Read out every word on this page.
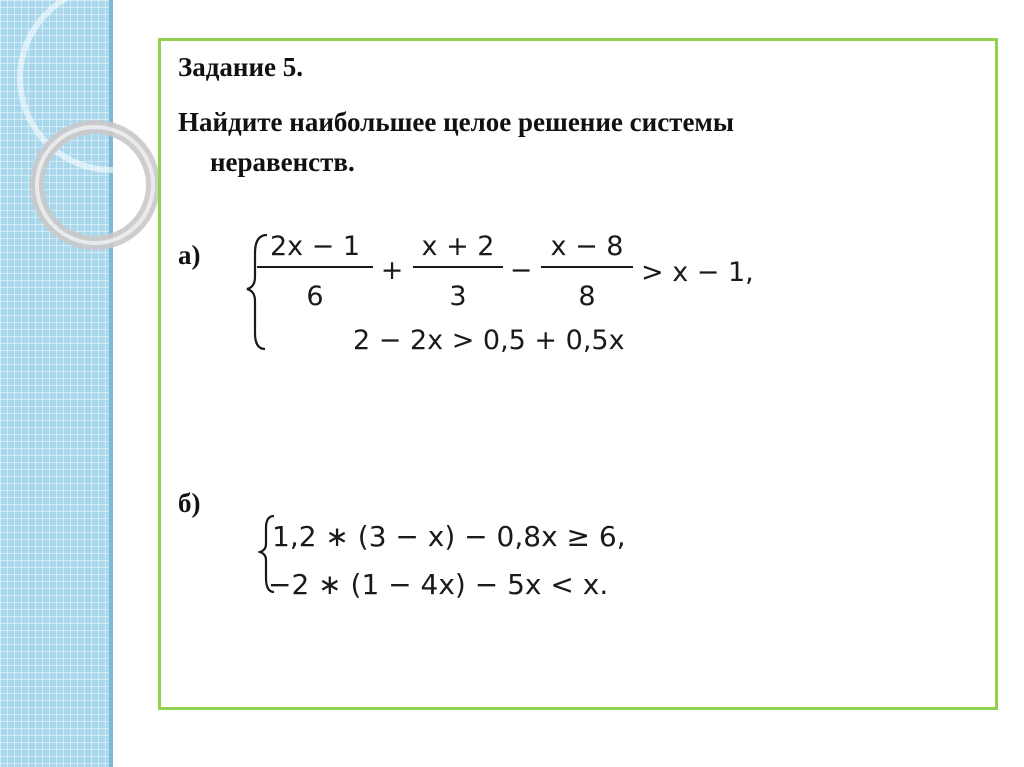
Задание 5.
Найдите наибольшее целое решение системы
неравенств.
а)	2x − 1
6
+
x + 2
3
−
x − 8
8
> x − 1,
2 − 2x > 0,5 + 0,5x
б)
1,2 ∗ (3 − x) − 0,8x ≥ 6,
−2 ∗ (1 − 4x) − 5x < x.
